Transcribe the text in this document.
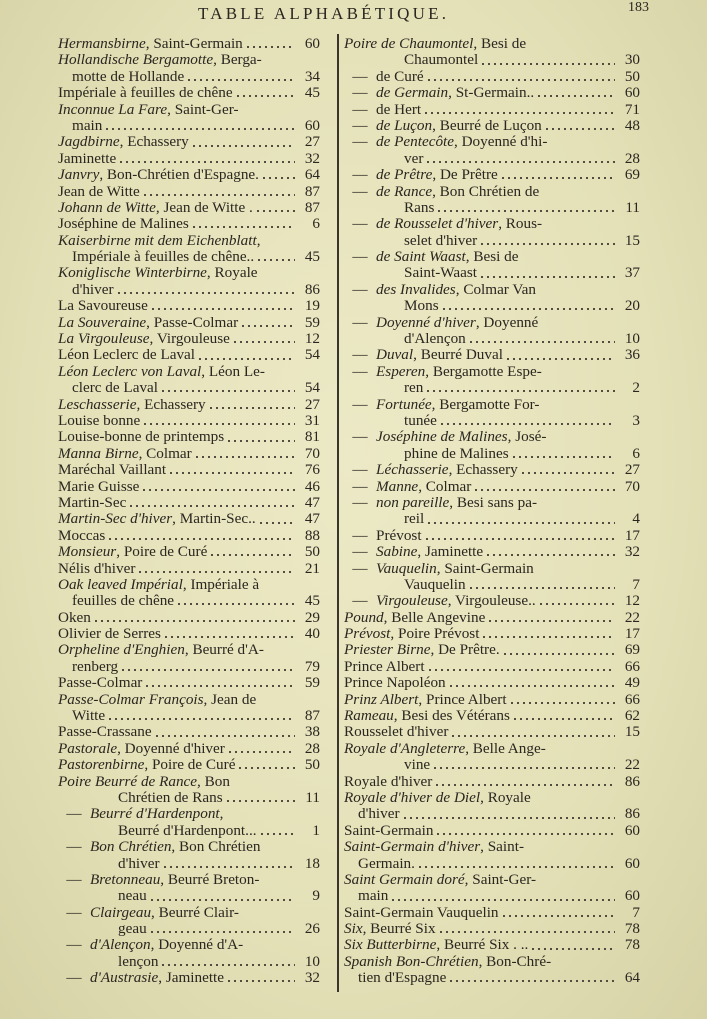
TABLE ALPHABÉTIQUE.	183
Hermansbirne, Saint-Germain	60
Hollandische Bergamotte, Berga-
motte de Hollande	34
Impériale à feuilles de chêne	45
Inconnue La Fare, Saint-Ger-
main	60
Jagdbirne, Echassery	27
Jaminette	32
Janvry, Bon-Chrétien d'Espagne.	64
Jean de Witte	87
Johann de Witte, Jean de Witte .	87
Joséphine de Malines	6
Kaiserbirne mit dem Eichenblatt,
Impériale à feuilles de chêne..	45
Koniglische Winterbirne, Royale
d'hiver	86
La Savoureuse	19
La Souveraine, Passe-Colmar	59
La Virgouleuse, Virgouleuse	12
Léon Leclerc de Laval	54
Léon Leclerc von Laval, Léon Le-
clerc de Laval	54
Leschasserie, Echassery	27
Louise bonne	31
Louise-bonne de printemps	81
Manna Birne, Colmar	70
Maréchal Vaillant	76
Marie Guisse	46
Martin-Sec	47
Martin-Sec d'hiver, Martin-Sec..	47
Moccas	88
Monsieur, Poire de Curé	50
Nélis d'hiver	21
Oak leaved Impérial, Impériale à
feuilles de chêne	45
Oken	29
Olivier de Serres	40
Orpheline d'Enghien, Beurré d'A-
renberg	79
Passe-Colmar	59
Passe-Colmar François, Jean de
Witte	87
Passe-Crassane	38
Pastorale, Doyenné d'hiver	28
Pastorenbirne, Poire de Curé	50
Poire Beurré de Rance, Bon
Chrétien de Rans	11
— Beurré d'Hardenpont,
Beurré d'Hardenpont...	1
— Bon Chrétien, Bon Chrétien
d'hiver	18
— Bretonneau, Beurré Breton-
neau	9
— Clairgeau, Beurré Clair-
geau	26
— d'Alençon, Doyenné d'A-
lençon	10
— d'Austrasie, Jaminette	32
Poire de Chaumontel, Besi de
Chaumontel	30
— de Curé	50
— de Germain, St-Germain..	60
— de Hert	71
— de Luçon, Beurré de Luçon	48
— de Pentecôte, Doyenné d'hi-
ver	28
— de Prêtre, De Prêtre	69
— de Rance, Bon Chrétien de
Rans	11
— de Rousselet d'hiver, Rous-
selet d'hiver	15
— de Saint Waast, Besi de
Saint-Waast	37
— des Invalides, Colmar Van
Mons	20
— Doyenné d'hiver, Doyenné
d'Alençon	10
— Duval, Beurré Duval	36
— Esperen, Bergamotte Espe-
ren	2
— Fortunée, Bergamotte For-
tunée	3
— Joséphine de Malines, José-
phine de Malines	6
— Léchasserie, Echassery	27
— Manne, Colmar	70
— non pareille, Besi sans pa-
reil	4
— Prévost	17
— Sabine, Jaminette	32
— Vauquelin, Saint-Germain
Vauquelin	7
— Virgouleuse, Virgouleuse..	12
Pound, Belle Angevine	22
Prévost, Poire Prévost	17
Priester Birne, De Prêtre.	69
Prince Albert	66
Prince Napoléon	49
Prinz Albert, Prince Albert	66
Rameau, Besi des Vétérans	62
Rousselet d'hiver	15
Royale d'Angleterre, Belle Ange-
vine	22
Royale d'hiver	86
Royale d'hiver de Diel, Royale
d'hiver	86
Saint-Germain	60
Saint-Germain d'hiver, Saint-
Germain.	60
Saint Germain doré, Saint-Ger-
main	60
Saint-Germain Vauquelin	7
Six, Beurré Six	78
Six Butterbirne, Beurré Six . ..	78
Spanish Bon-Chrétien, Bon-Chré-
tien d'Espagne	64
